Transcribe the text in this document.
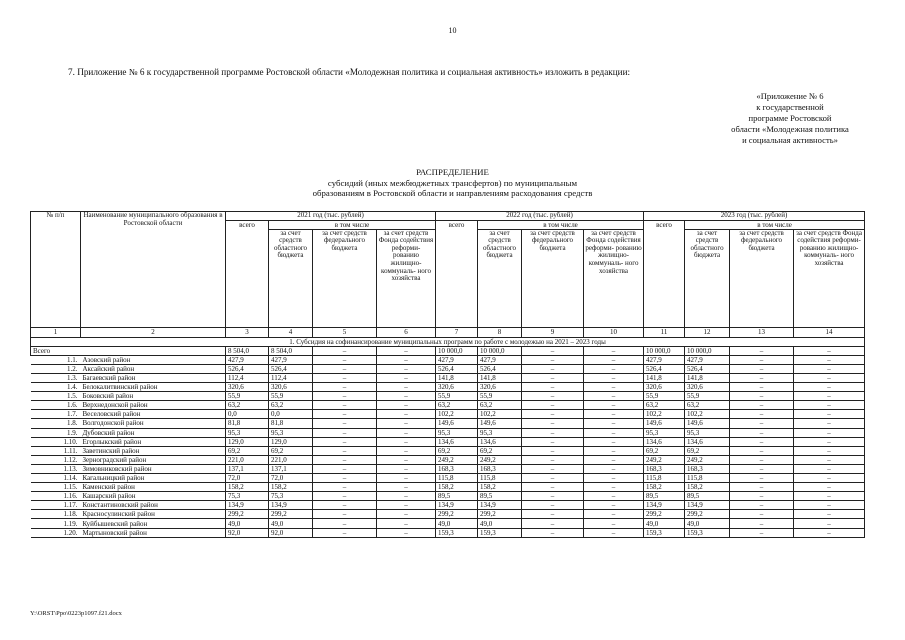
10
7. Приложение № 6 к государственной программе Ростовской области «Молодежная политика и социальная активность» изложить в редакции:
«Приложение № 6
к государственной
программе Ростовской
области «Молодежная политика
и социальная активность»
РАСПРЕДЕЛЕНИЕ
субсидий (иных межбюджетных трансфертов) по муниципальным
образованиям в Ростовской области и направлениям расходования средств
№ п/п	Наименование муниципального образования в Ростовской области	2021 год (тыс. рублей)				2022 год (тыс. рублей)				2023 год (тыс. рублей)			
		всего	в том числе			всего	в том числе			всего	в том числе		
			за счет средств областного бюджета	за счет средств федерального бюджета	за счет средств Фонда содействия реформи- рованию жилищно- коммуналь- ного хозяйства		за счет средств областного бюджета	за счет средств федерального бюджета	за счет средств Фонда содействия реформи- рованию жилищно- коммуналь- ного хозяйства		за счет средств областного бюджета	за счет средств федерального бюджета	за счет средств Фонда содействия реформи- рованию жилищно- коммуналь- ного хозяйства
1	2	3	4	5	6	7	8	9	10	11	12	13	14
1. Субсидия на софинансирование муниципальных программ по работе с молодежью на 2021 – 2023 годы													
Всего		8 504,0	8 504,0	–	–	10 000,0	10 000,0	–	–	10 000,0	10 000,0	–	–
1.1.	Азовский район	427,9	427,9	–	–	427,9	427,9	–	–	427,9	427,9	–	–
1.2.	Аксайский район	526,4	526,4	–	–	526,4	526,4	–	–	526,4	526,4	–	–
1.3.	Багаевский район	112,4	112,4	–	–	141,8	141,8	–	–	141,8	141,8	–	–
1.4.	Белокалитвинский район	320,6	320,6	–	–	320,6	320,6	–	–	320,6	320,6	–	–
1.5.	Боковский район	55,9	55,9	–	–	55,9	55,9	–	–	55,9	55,9	–	–
1.6.	Верхнедонской район	63,2	63,2	–	–	63,2	63,2	–	–	63,2	63,2	–	–
1.7.	Веселовский район	0,0	0,0	–	–	102,2	102,2	–	–	102,2	102,2	–	–
1.8.	Волгодонской район	81,8	81,8	–	–	149,6	149,6	–	–	149,6	149,6	–	–
1.9.	Дубовский район	95,3	95,3	–	–	95,3	95,3	–	–	95,3	95,3	–	–
1.10.	Егорлыкский район	129,0	129,0	–	–	134,6	134,6	–	–	134,6	134,6	–	–
1.11.	Заветинский район	69,2	69,2	–	–	69,2	69,2	–	–	69,2	69,2	–	–
1.12.	Зерноградский район	221,0	221,0	–	–	249,2	249,2	–	–	249,2	249,2	–	–
1.13.	Зимовниковский район	137,1	137,1	–	–	168,3	168,3	–	–	168,3	168,3	–	–
1.14.	Кагальницкий район	72,0	72,0	–	–	115,8	115,8	–	–	115,8	115,8	–	–
1.15.	Каменский район	158,2	158,2	–	–	158,2	158,2	–	–	158,2	158,2	–	–
1.16.	Кашарский район	75,3	75,3	–	–	89,5	89,5	–	–	89,5	89,5	–	–
1.17.	Константиновский район	134,9	134,9	–	–	134,9	134,9	–	–	134,9	134,9	–	–
1.18.	Красносулинский район	299,2	299,2	–	–	299,2	299,2	–	–	299,2	299,2	–	–
1.19.	Куйбышевский район	49,0	49,0	–	–	49,0	49,0	–	–	49,0	49,0	–	–
1.20.	Мартыновский район	92,0	92,0	–	–	159,3	159,3	–	–	159,3	159,3	–	–
Y:\ORST\Ppo\0223p1097.f21.docx
